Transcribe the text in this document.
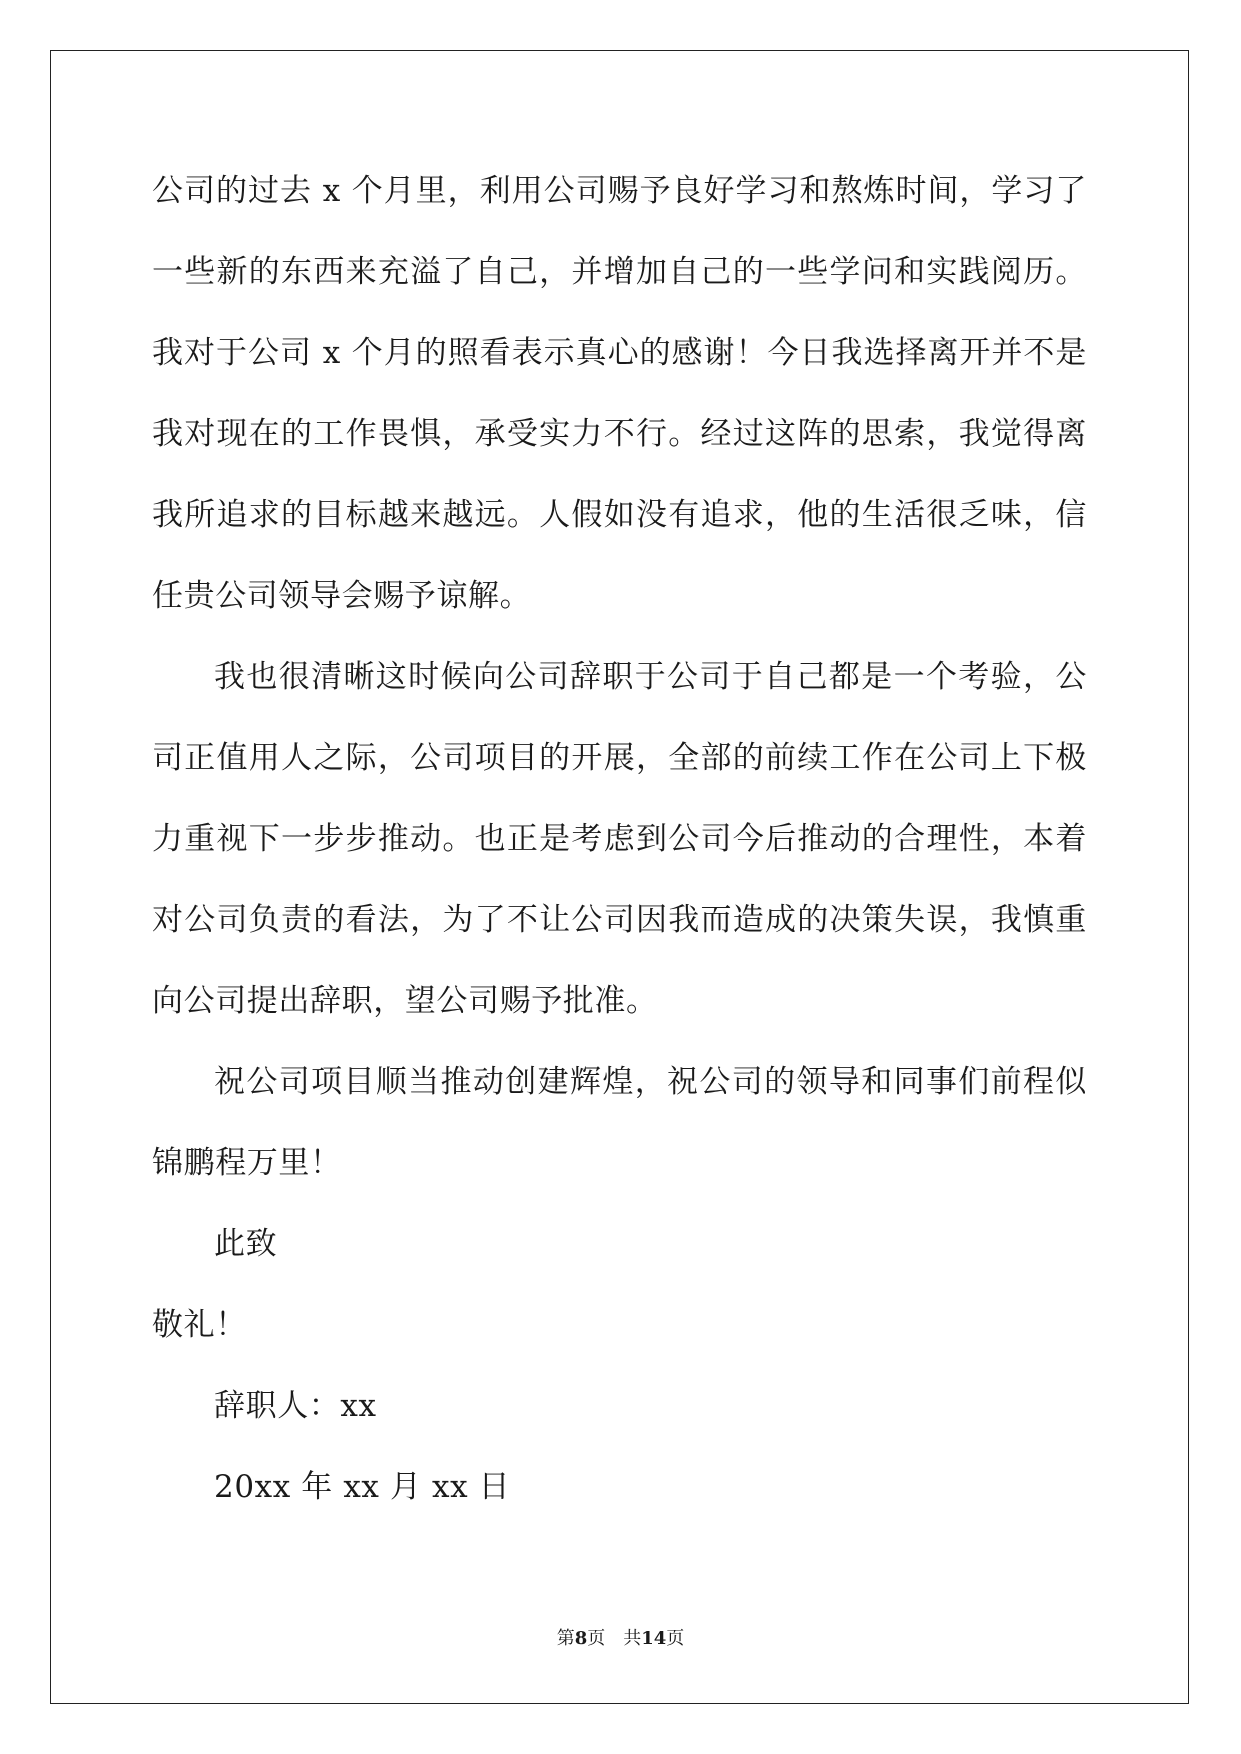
公司的过去 x 个月里，利用公司赐予良好学习和熬炼时间，学习了一些新的东西来充溢了自己，并增加自己的一些学问和实践阅历。我对于公司 x 个月的照看表示真心的感谢！今日我选择离开并不是我对现在的工作畏惧，承受实力不行。经过这阵的思索，我觉得离我所追求的目标越来越远。人假如没有追求，他的生活很乏味，信任贵公司领导会赐予谅解。

我也很清晰这时候向公司辞职于公司于自己都是一个考验，公司正值用人之际，公司项目的开展，全部的前续工作在公司上下极力重视下一步步推动。也正是考虑到公司今后推动的合理性，本着对公司负责的看法，为了不让公司因我而造成的决策失误，我慎重向公司提出辞职，望公司赐予批准。

祝公司项目顺当推动创建辉煌，祝公司的领导和同事们前程似锦鹏程万里！

此致

敬礼！

辞职人：xx

20xx 年 xx 月 xx 日

第8页　共14页
